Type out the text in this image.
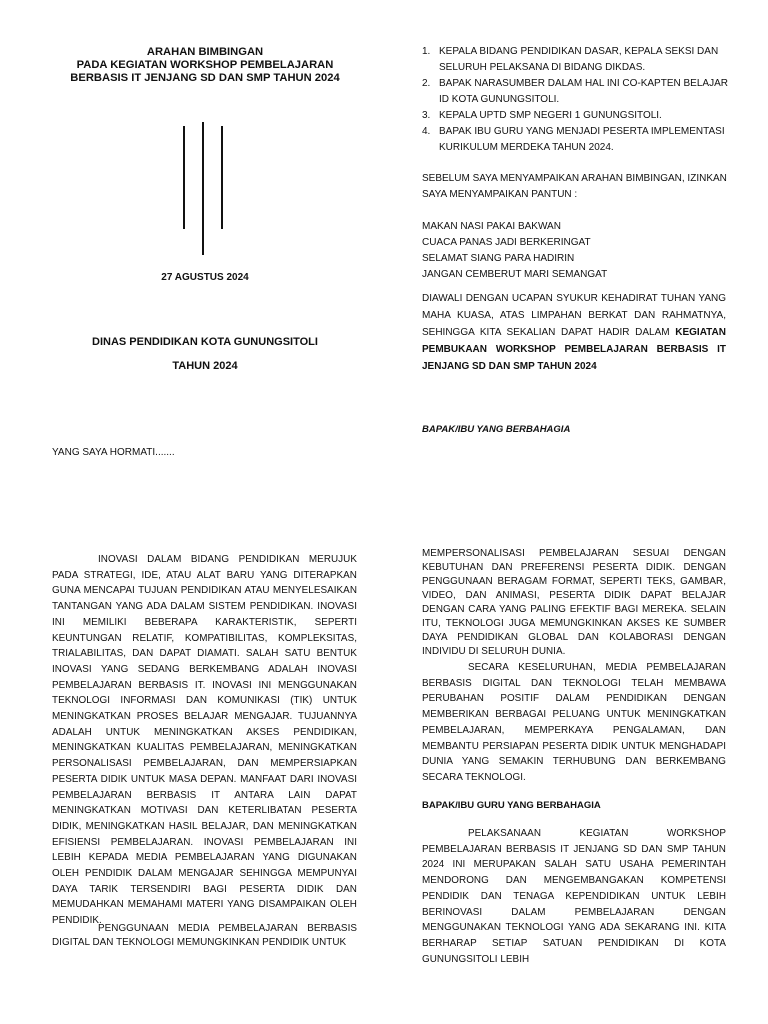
ARAHAN BIMBINGAN
PADA KEGIATAN WORKSHOP PEMBELAJARAN
BERBASIS IT JENJANG SD DAN SMP TAHUN 2024
27 AGUSTUS 2024
DINAS PENDIDIKAN KOTA GUNUNGSITOLI
TAHUN 2024
YANG SAYA HORMATI.......
1. KEPALA BIDANG PENDIDIKAN DASAR, KEPALA SEKSI DAN SELURUH PELAKSANA DI BIDANG DIKDAS.
2. BAPAK NARASUMBER DALAM HAL INI CO-KAPTEN BELAJAR ID KOTA GUNUNGSITOLI.
3. KEPALA UPTD SMP NEGERI 1 GUNUNGSITOLI.
4. BAPAK IBU GURU YANG MENJADI PESERTA IMPLEMENTASI KURIKULUM MERDEKA TAHUN 2024.
SEBELUM SAYA MENYAMPAIKAN ARAHAN BIMBINGAN, IZINKAN SAYA MENYAMPAIKAN PANTUN :
MAKAN NASI PAKAI BAKWAN
CUACA PANAS JADI BERKERINGAT
SELAMAT SIANG PARA HADIRIN
JANGAN CEMBERUT MARI SEMANGAT
DIAWALI DENGAN UCAPAN SYUKUR KEHADIRAT TUHAN YANG MAHA KUASA, ATAS LIMPAHAN BERKAT DAN RAHMATNYA, SEHINGGA KITA SEKALIAN DAPAT HADIR DALAM KEGIATAN PEMBUKAAN WORKSHOP PEMBELAJARAN BERBASIS IT JENJANG SD DAN SMP TAHUN 2024
BAPAK/IBU YANG BERBAHAGIA
INOVASI DALAM BIDANG PENDIDIKAN MERUJUK PADA STRATEGI, IDE, ATAU ALAT BARU YANG DITERAPKAN GUNA MENCAPAI TUJUAN PENDIDIKAN ATAU MENYELESAIKAN TANTANGAN YANG ADA DALAM SISTEM PENDIDIKAN. INOVASI INI MEMILIKI BEBERAPA KARAKTERISTIK, SEPERTI KEUNTUNGAN RELATIF, KOMPATIBILITAS, KOMPLEKSITAS, TRIALABILITAS, DAN DAPAT DIAMATI. SALAH SATU BENTUK INOVASI YANG SEDANG BERKEMBANG ADALAH INOVASI PEMBELAJARAN BERBASIS IT. INOVASI INI MENGGUNAKAN TEKNOLOGI INFORMASI DAN KOMUNIKASI (TIK) UNTUK MENINGKATKAN PROSES BELAJAR MENGAJAR. TUJUANNYA ADALAH UNTUK MENINGKATKAN AKSES PENDIDIKAN, MENINGKATKAN KUALITAS PEMBELAJARAN, MENINGKATKAN PERSONALISASI PEMBELAJARAN, DAN MEMPERSIAPKAN PESERTA DIDIK UNTUK MASA DEPAN. MANFAAT DARI INOVASI PEMBELAJARAN BERBASIS IT ANTARA LAIN DAPAT MENINGKATKAN MOTIVASI DAN KETERLIBATAN PESERTA DIDIK, MENINGKATKAN HASIL BELAJAR, DAN MENINGKATKAN EFISIENSI PEMBELAJARAN. INOVASI PEMBELAJARAN INI LEBIH KEPADA MEDIA PEMBELAJARAN YANG DIGUNAKAN OLEH PENDIDIK DALAM MENGAJAR SEHINGGA MEMPUNYAI DAYA TARIK TERSENDIRI BAGI PESERTA DIDIK DAN MEMUDAHKAN MEMAHAMI MATERI YANG DISAMPAIKAN OLEH PENDIDIK.
PENGGUNAAN MEDIA PEMBELAJARAN BERBASIS DIGITAL DAN TEKNOLOGI MEMUNGKINKAN PENDIDIK UNTUK
MEMPERSONALISASI PEMBELAJARAN SESUAI DENGAN KEBUTUHAN DAN PREFERENSI PESERTA DIDIK. DENGAN PENGGUNAAN BERAGAM FORMAT, SEPERTI TEKS, GAMBAR, VIDEO, DAN ANIMASI, PESERTA DIDIK DAPAT BELAJAR DENGAN CARA YANG PALING EFEKTIF BAGI MEREKA. SELAIN ITU, TEKNOLOGI JUGA MEMUNGKINKAN AKSES KE SUMBER DAYA PENDIDIKAN GLOBAL DAN KOLABORASI DENGAN INDIVIDU DI SELURUH DUNIA.
SECARA KESELURUHAN, MEDIA PEMBELAJARAN BERBASIS DIGITAL DAN TEKNOLOGI TELAH MEMBAWA PERUBAHAN POSITIF DALAM PENDIDIKAN DENGAN MEMBERIKAN BERBAGAI PELUANG UNTUK MENINGKATKAN PEMBELAJARAN, MEMPERKAYA PENGALAMAN, DAN MEMBANTU PERSIAPAN PESERTA DIDIK UNTUK MENGHADAPI DUNIA YANG SEMAKIN TERHUBUNG DAN BERKEMBANG SECARA TEKNOLOGI.
BAPAK/IBU GURU YANG BERBAHAGIA
PELAKSANAAN KEGIATAN WORKSHOP PEMBELAJARAN BERBASIS IT JENJANG SD DAN SMP TAHUN 2024 INI MERUPAKAN SALAH SATU USAHA PEMERINTAH MENDORONG DAN MENGEMBANGAKAN KOMPETENSI PENDIDIK DAN TENAGA KEPENDIDIKAN UNTUK LEBIH BERINOVASI DALAM PEMBELAJARAN DENGAN MENGGUNAKAN TEKNOLOGI YANG ADA SEKARANG INI. KITA BERHARAP SETIAP SATUAN PENDIDIKAN DI KOTA GUNUNGSITOLI LEBIH
